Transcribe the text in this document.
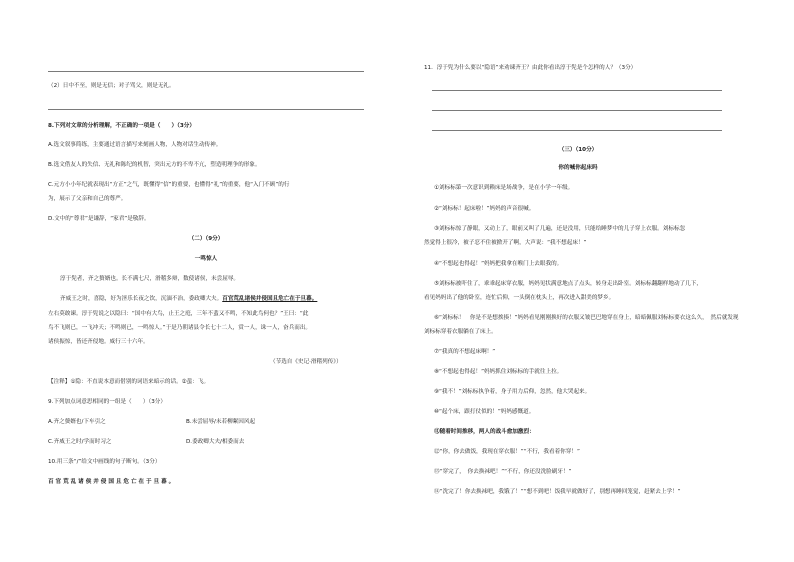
（2）日中不至，则是无信；对子骂父，则是无礼。
8.下列对文章的分析理解，不正确的一项是（　　）（3分）
A.选文叙事简练，主要通过语言描写来刻画人物，人物对话生动传神。
B.选文借友人的失信、无礼和陈纪的机智，突出元方的不卑不亢，塑造明理争的形象。
C.元方小小年纪就表现出“方正”之气，既懂得“信”的重要，也懂得“礼”的重要，他“入门不顾”的行
为，展示了父亲和自己的尊严。
D.文中的“尊君”是谦辞，“家君”是敬辞。
（二）（9分）
一鸣惊人
淳于髡者，齐之赘婿也。长不满七尺，滑稽多辩，数使诸侯，未尝屈辱。
齐威王之时，喜隐，好为淫乐长夜之饮，沉湎不治，委政卿大夫。百官荒乱诸侯并侵国且危亡在于旦暮。
左右莫敢谏。淳于髡说之以隐曰：“国中有大鸟，止王之庭，三年不蜚又不鸣，不知此鸟何也？”王曰：“此
鸟不飞则已，一飞冲天；不鸣则已，一鸣惊人。”于是乃朝诸县令长七十二人，赏一人，诛一人，奋兵而出。
诸侯振惊，皆还齐侵地。威行三十六年。
（节选自《史记·滑稽列传》）
【注释】①隐：不直说本意而借别的词语来暗示的话。②蜚：飞。
9.下列加点词意思相同的一组是（　　）（3分）
A.齐之赘婿也/下车引之	B.未尝屈辱/未若柳絮因风起
C.齐威王之时/学而时习之	D.委政卿大夫/相委而去
10.用三条“/”给文中画线的句子断句。（3分）
百 官 荒 乱 诸 侯 并 侵 国 且 危 亡 在 于 旦 暮 。
11．淳于髡为什么要以“隐语”来劝谏齐王？由此你看出淳于髡是个怎样的人？（3分）
（三）（10分）
你的喊你起床吗
①刘标标第一次意识到赖床是场战争，是在小学一年级。
②“刘标标！起床啦！”妈妈的声音很喊。
③刘标标惊了静眼，又动上了，眼前又叫了几遍，还是没用，只能给睡梦中的儿子穿上衣服。刘标标忽
然觉得上很冷，被子忍不住被掀开了啊，大声说：“我不想起床！”
④“不想起也得起！”妈妈把我拿在喉门上去眼我的。
⑤刘标标被吓住了，乖乖起床穿衣服，妈妈见状满意地点了点头，转身走出卧室。刘标标翻翻样地动了几下，
看见妈妈出了他的卧室，连忙后仰，一头倒在枕头上，再次进入甜美的梦乡。
⑥“刘标标！　你是不是想挨揍！”妈妈看见刚刚换好的衣服又皱巴巴地穿在身上，暗暗佩服刘标标要衣这么久，　然后就发现
刘标标穿着衣服躺在了床上。
⑦“我真的不想起床啊！”
⑧“不想起也得起！”妈妈抓住刘标标的手就往上拉。
⑨“我不！”刘标标执争着，身子用力后仰，忽然，他大哭起来。
⑩“起个床，跟打仗似的！”妈妈感慨道。
⑪随着时间推移，两人的战斗愈加激烈：
⑫“你，你去做饭，我现在穿衣服！”“不行，我看着你穿！”
⑬“穿完了，　你去换袜吧！”“不行，你还没洗脸刷牙！”
⑭“洗完了！你去换袜吧，我饿了！”“想不到吧！饭我早就做好了，别想再睡回笼觉，赶紧去上学！”
